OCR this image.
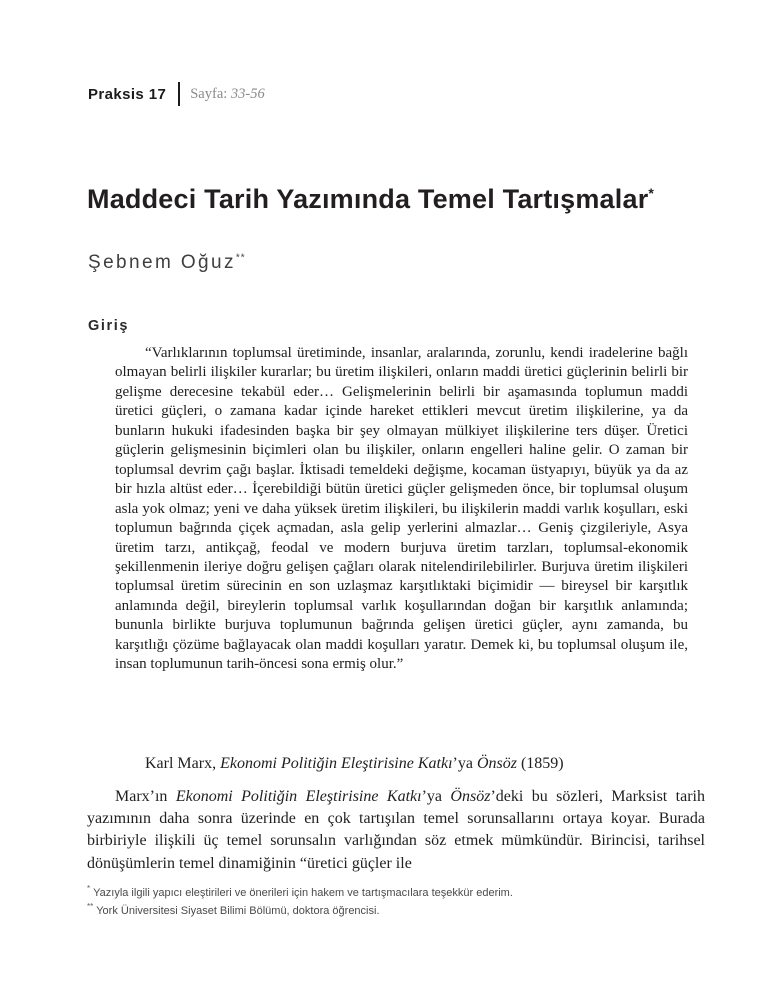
Praksis 17 Sayfa: 33-56
Maddeci Tarih Yazımında Temel Tartışmalar*
Şebnem Oğuz**
Giriş
“Varlıklarının toplumsal üretiminde, insanlar, aralarında, zorunlu, kendi iradelerine bağlı olmayan belirli ilişkiler kurarlar; bu üretim ilişkileri, onların maddi üretici güçlerinin belirli bir gelişme derecesine tekabül eder… Gelişmelerinin belirli bir aşamasında toplumun maddi üretici güçleri, o zamana kadar içinde hareket ettikleri mevcut üretim ilişkilerine, ya da bunların hukuki ifadesinden başka bir şey olmayan mülkiyet ilişkilerine ters düşer. Üretici güçlerin gelişmesinin biçimleri olan bu ilişkiler, onların engelleri haline gelir. O zaman bir toplumsal devrim çağı başlar. İktisadi temeldeki değişme, kocaman üstyapıyı, büyük ya da az bir hızla altüst eder… İçerebildiği bütün üretici güçler gelişmeden önce, bir toplumsal oluşum asla yok olmaz; yeni ve daha yüksek üretim ilişkileri, bu ilişkilerin maddi varlık koşulları, eski toplumun bağrında çiçek açmadan, asla gelip yerlerini almazlar… Geniş çizgileriyle, Asya üretim tarzı, antikçağ, feodal ve modern burjuva üretim tarzları, toplumsal-ekonomik şekillenmenin ileriye doğru gelişen çağları olarak nitelendirilebilirler. Burjuva üretim ilişkileri toplumsal üretim sürecinin en son uzlaşmaz karşıtlıktaki biçimidir — bireysel bir karşıtlık anlamında değil, bireylerin toplumsal varlık koşullarından doğan bir karşıtlık anlamında; bununla birlikte burjuva toplumunun bağrında gelişen üretici güçler, aynı zamanda, bu karşıtlığı çözüme bağlayacak olan maddi koşulları yaratır. Demek ki, bu toplumsal oluşum ile, insan toplumunun tarih-öncesi sona ermiş olur.”

Karl Marx, Ekonomi Politiğin Eleştirisine Katkı’ya Önsöz (1859)

Marx’ın Ekonomi Politiğin Eleştirisine Katkı’ya Önsöz’deki bu sözleri, Marksist tarih yazımının daha sonra üzerinde en çok tartışılan temel sorunsallarını ortaya koyar. Burada birbiriyle ilişkili üç temel sorunsalın varlığından söz etmek mümkündür. Birincisi, tarihsel dönüşümlerin temel dinamiğinin “üretici güçler ile

* Yazıyla ilgili yapıcı eleştirileri ve önerileri için hakem ve tartışmacılara teşekkür ederim.
** York Üniversitesi Siyaset Bilimi Bölümü, doktora öğrencisi.
